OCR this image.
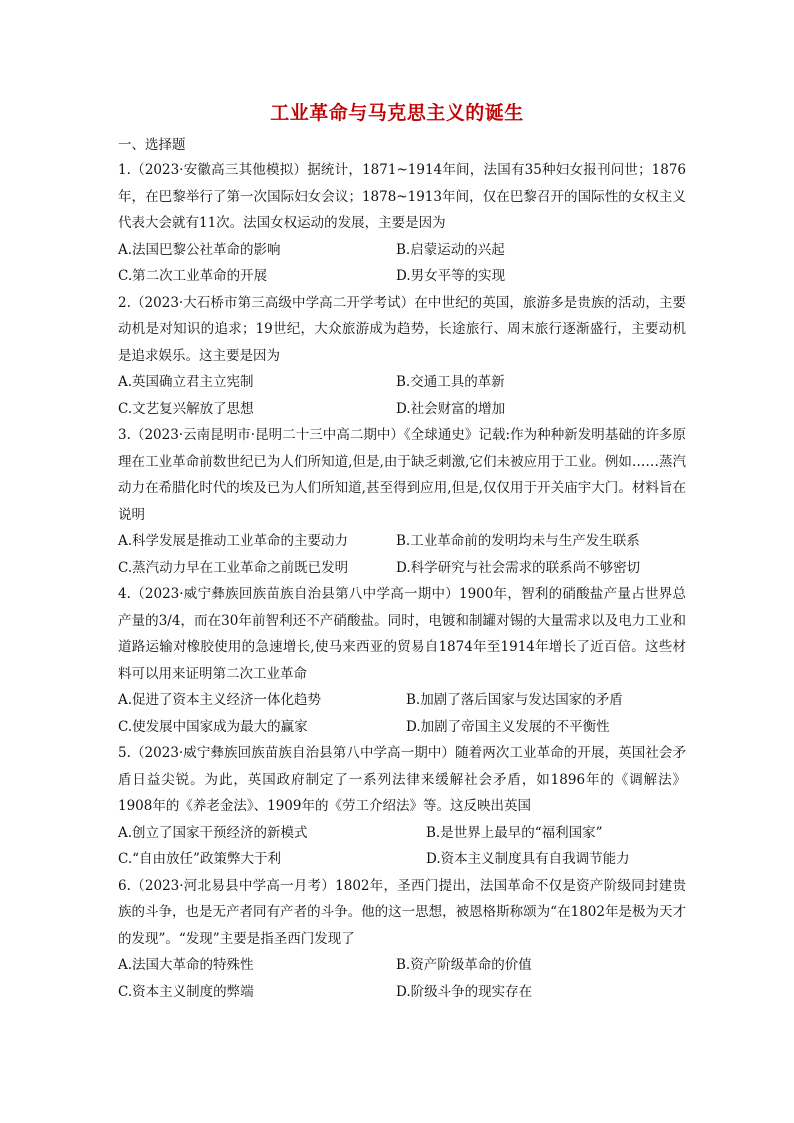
工业革命与马克思主义的诞生
一、选择题

1.（2023·安徽高三其他模拟）据统计，1871~1914年间，法国有35种妇女报刊问世；1876年，在巴黎举行了第一次国际妇女会议；1878~1913年间，仅在巴黎召开的国际性的女权主义代表大会就有11次。法国女权运动的发展，主要是因为

A.法国巴黎公社革命的影响	B.启蒙运动的兴起
C.第二次工业革命的开展	D.男女平等的实现

2.（2023·大石桥市第三高级中学高二开学考试）在中世纪的英国，旅游多是贵族的活动，主要动机是对知识的追求；19世纪，大众旅游成为趋势，长途旅行、周末旅行逐渐盛行，主要动机是追求娱乐。这主要是因为

A.英国确立君主立宪制	B.交通工具的革新
C.文艺复兴解放了思想	D.社会财富的增加

3.（2023·云南昆明市·昆明二十三中高二期中）《全球通史》记载:作为种种新发明基础的许多原理在工业革命前数世纪已为人们所知道,但是,由于缺乏刺激,它们未被应用于工业。例如……蒸汽动力在希腊化时代的埃及已为人们所知道,甚至得到应用,但是,仅仅用于开关庙宇大门。材料旨在说明

A.科学发展是推动工业革命的主要动力	B.工业革命前的发明均未与生产发生联系
C.蒸汽动力早在工业革命之前既已发明	D.科学研究与社会需求的联系尚不够密切

4.（2023·威宁彝族回族苗族自治县第八中学高一期中）1900年，智利的硝酸盐产量占世界总产量的3/4，而在30年前智利还不产硝酸盐。同时，电镀和制罐对锡的大量需求以及电力工业和道路运输对橡胶使用的急速增长,使马来西亚的贸易自1874年至1914年增长了近百倍。这些材料可以用来证明第二次工业革命

A.促进了资本主义经济一体化趋势	B.加剧了落后国家与发达国家的矛盾
C.使发展中国家成为最大的赢家	D.加剧了帝国主义发展的不平衡性

5.（2023·威宁彝族回族苗族自治县第八中学高一期中）随着两次工业革命的开展，英国社会矛盾日益尖锐。为此，英国政府制定了一系列法律来缓解社会矛盾，如1896年的《调解法》1908年的《养老金法》、1909年的《劳工介绍法》等。这反映出英国

A.创立了国家干预经济的新模式	B.是世界上最早的“福利国家”
C.“自由放任”政策弊大于利	D.资本主义制度具有自我调节能力

6.（2023·河北易县中学高一月考）1802年，圣西门提出，法国革命不仅是资产阶级同封建贵族的斗争，也是无产者同有产者的斗争。他的这一思想，被恩格斯称颂为“在1802年是极为天才的发现”。“发现”主要是指圣西门发现了

A.法国大革命的特殊性	B.资产阶级革命的价值
C.资本主义制度的弊端	D.阶级斗争的现实存在
